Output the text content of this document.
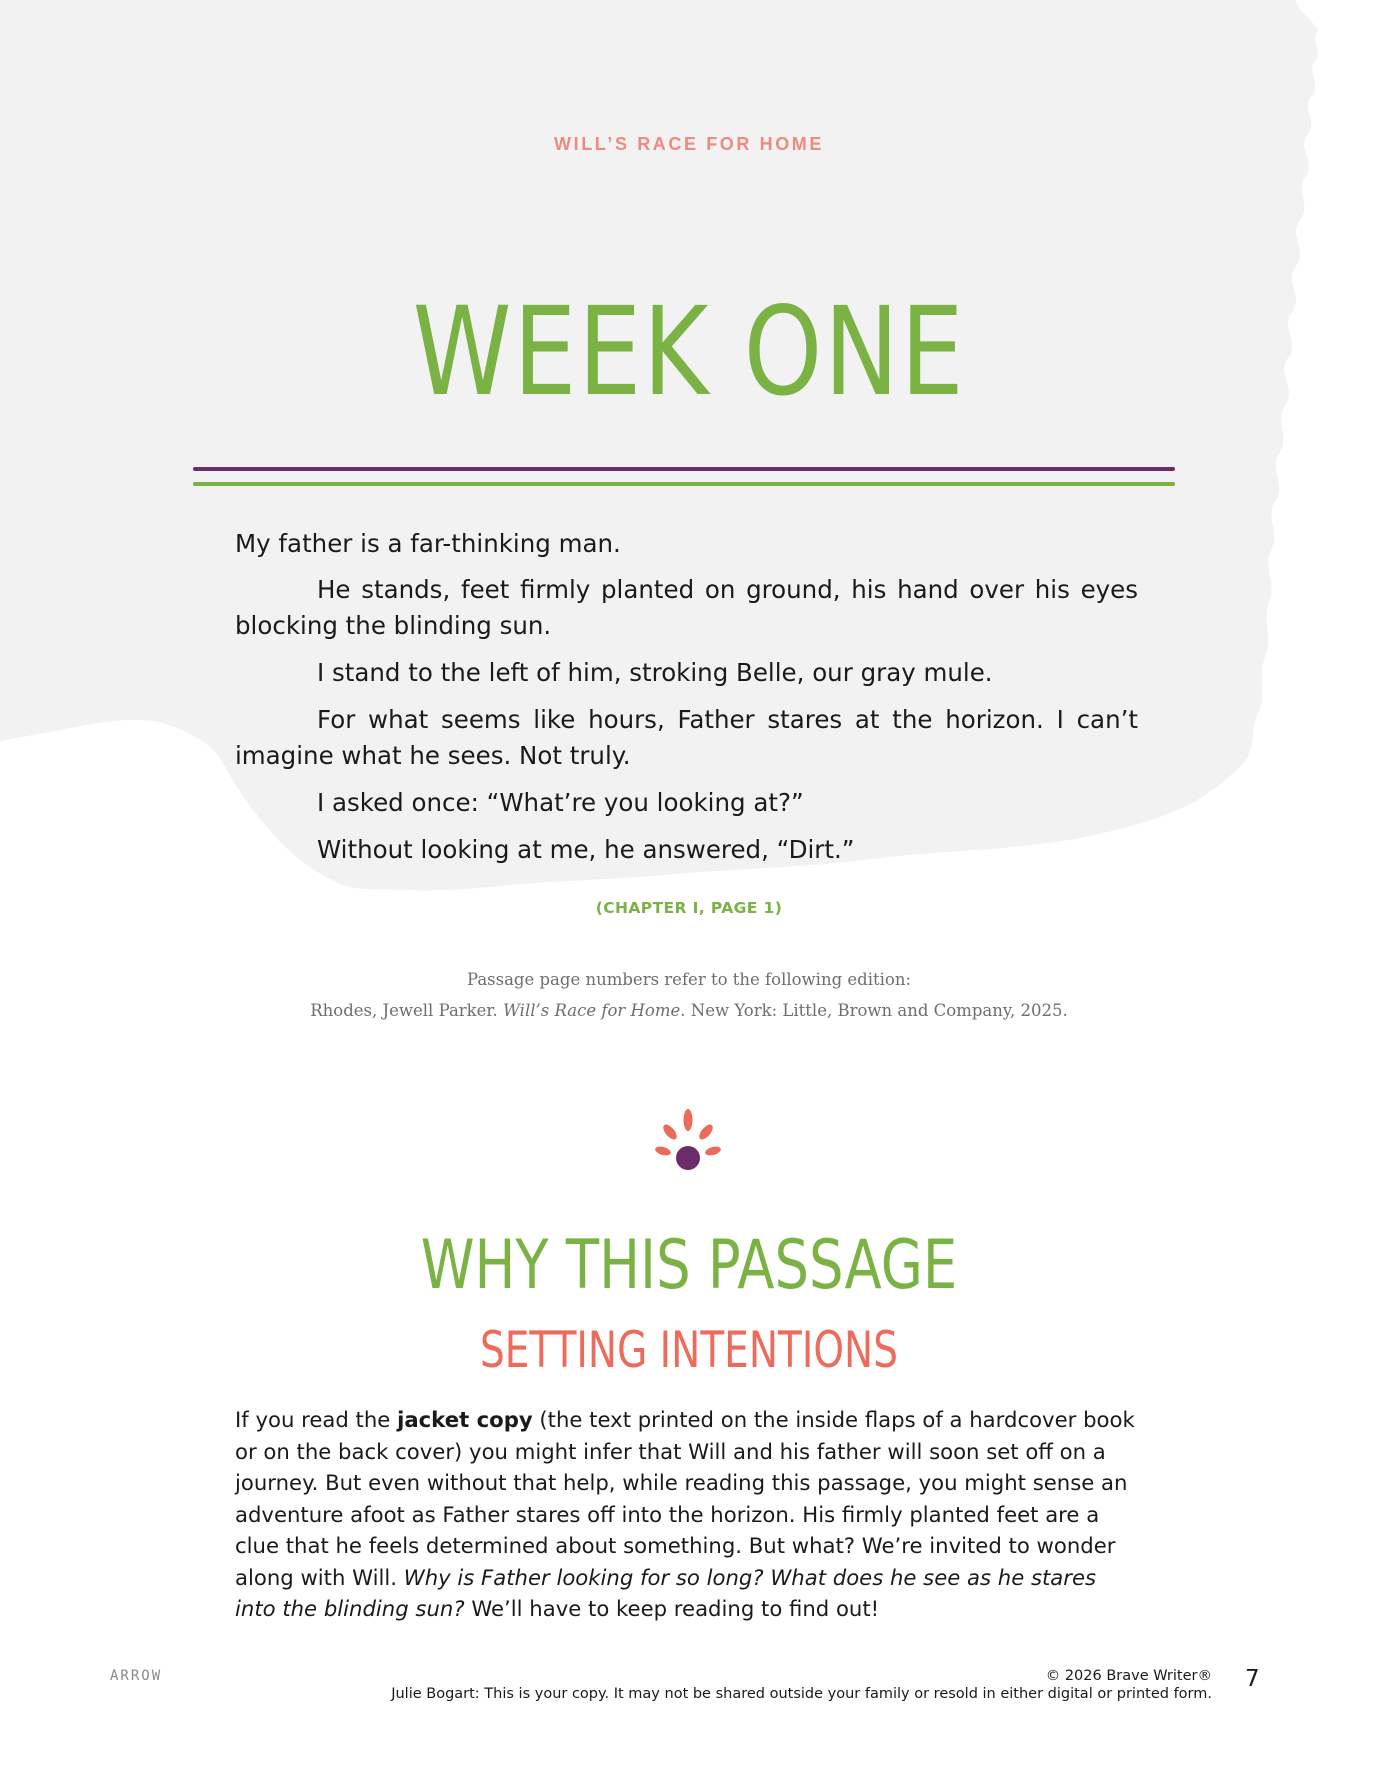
WILL’S RACE FOR HOME
WEEK ONE

My father is a far-thinking man.

He stands, feet firmly planted on ground, his hand over his eyes blocking the blinding sun.

I stand to the left of him, stroking Belle, our gray mule.

For what seems like hours, Father stares at the horizon. I can’t imagine what he sees. Not truly.

I asked once: “What’re you looking at?”

Without looking at me, he answered, “Dirt.”

(CHAPTER I, PAGE 1)
Passage page numbers refer to the following edition:
Rhodes, Jewell Parker. Will’s Race for Home. New York: Little, Brown and Company, 2025.
WHY THIS PASSAGE
SETTING INTENTIONS

If you read the jacket copy (the text printed on the inside flaps of a hardcover book or on the back cover) you might infer that Will and his father will soon set off on a journey. But even without that help, while reading this passage, you might sense an adventure afoot as Father stares off into the horizon. His firmly planted feet are a clue that he feels determined about something. But what? We’re invited to wonder along with Will. Why is Father looking for so long? What does he see as he stares into the blinding sun? We’ll have to keep reading to find out!

ARROW	© 2026 Brave Writer®
Julie Bogart: This is your copy. It may not be shared outside your family or resold in either digital or printed form.
7
